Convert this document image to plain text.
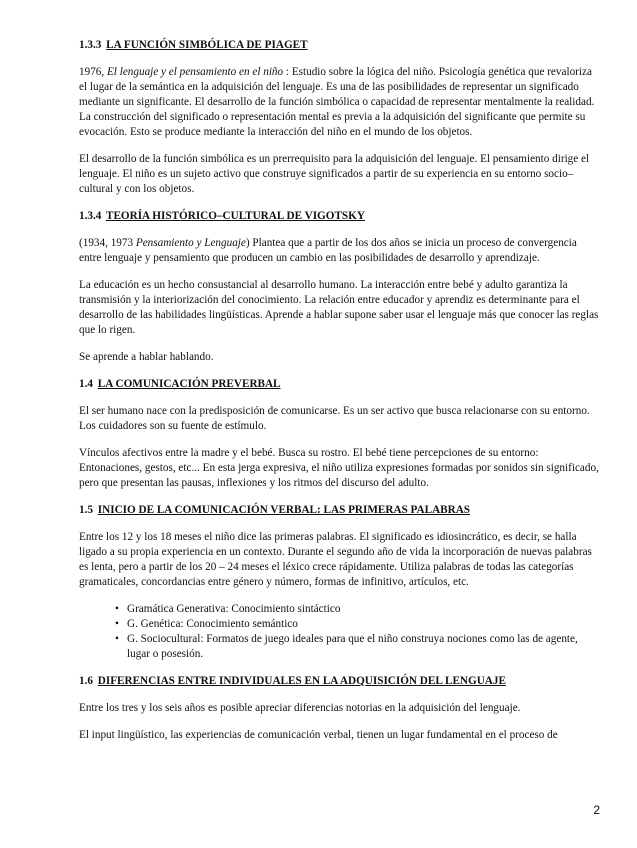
1.3.3 LA FUNCIÓN SIMBÓLICA DE PIAGET

1976, El lenguaje y el pensamiento en el niño : Estudio sobre la lógica del niño. Psicología genética que revaloriza el lugar de la semántica en la adquisición del lenguaje. Es una de las posibilidades de representar un significado mediante un significante. El desarrollo de la función simbólica o capacidad de representar mentalmente la realidad. La construcción del significado o representación mental es previa a la adquisición del significante que permite su evocación. Esto se produce mediante la interacción del niño en el mundo de los objetos.

El desarrollo de la función simbólica es un prerrequisito para la adquisición del lenguaje. El pensamiento dirige el lenguaje. El niño es un sujeto activo que construye significados a partir de su experiencia en su entorno socio–cultural y con los objetos.

1.3.4 TEORÍA HISTÓRICO–CULTURAL DE VIGOTSKY

(1934, 1973 Pensamiento y Lenguaje) Plantea que a partir de los dos años se inicia un proceso de convergencia entre lenguaje y pensamiento que producen un cambio en las posibilidades de desarrollo y aprendizaje.

La educación es un hecho consustancial al desarrollo humano. La interacción entre bebé y adulto garantiza la transmisión y la interiorización del conocimiento. La relación entre educador y aprendiz es determinante para el desarrollo de las habilidades lingüísticas. Aprende a hablar supone saber usar el lenguaje más que conocer las reglas que lo rigen.

Se aprende a hablar hablando.

1.4 LA COMUNICACIÓN PREVERBAL

El ser humano nace con la predisposición de comunicarse. Es un ser activo que busca relacionarse con su entorno. Los cuidadores son su fuente de estímulo.

Vínculos afectivos entre la madre y el bebé. Busca su rostro. El bebé tiene percepciones de su entorno: Entonaciones, gestos, etc... En esta jerga expresiva, el niño utiliza expresiones formadas por sonidos sin significado, pero que presentan las pausas, inflexiones y los ritmos del discurso del adulto.

1.5 INICIO DE LA COMUNICACIÓN VERBAL: LAS PRIMERAS PALABRAS

Entre los 12 y los 18 meses el niño dice las primeras palabras. El significado es idiosincrático, es decir, se halla ligado a su propia experiencia en un contexto. Durante el segundo año de vida la incorporación de nuevas palabras es lenta, pero a partir de los 20 – 24 meses el léxico crece rápidamente. Utiliza palabras de todas las categorías gramaticales, concordancias entre género y número, formas de infinitivo, artículos, etc.

• Gramática Generativa: Conocimiento sintáctico
• G. Genética: Conocimiento semántico
• G. Sociocultural: Formatos de juego ideales para que el niño construya nociones como las de agente, lugar o posesión.
1.6 DIFERENCIAS ENTRE INDIVIDUALES EN LA ADQUISICIÓN DEL LENGUAJE

Entre los tres y los seis años es posible apreciar diferencias notorias en la adquisición del lenguaje.

El input lingüístico, las experiencias de comunicación verbal, tienen un lugar fundamental en el proceso de

2
